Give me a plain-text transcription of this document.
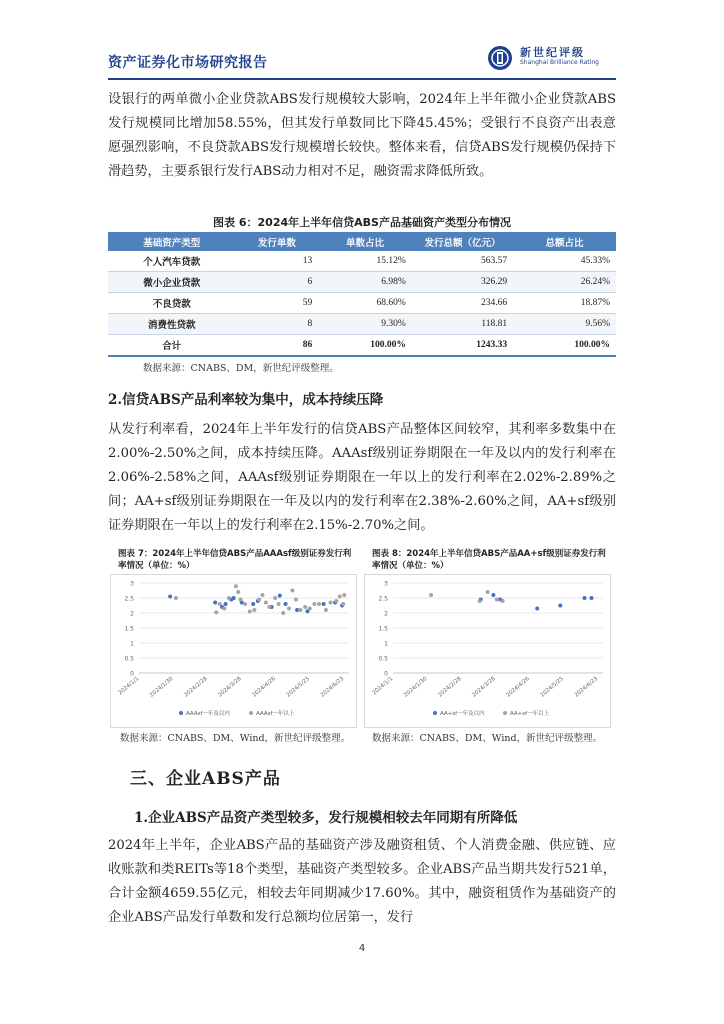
资产证券化市场研究报告
新世纪评级
Shanghai Brilliance Rating

设银行的两单微小企业贷款ABS发行规模较大影响，2024年上半年微小企业贷款ABS发行规模同比增加58.55%，但其发行单数同比下降45.45%；受银行不良资产出表意愿强烈影响，不良贷款ABS发行规模增长较快。整体来看，信贷ABS发行规模仍保持下滑趋势，主要系银行发行ABS动力相对不足，融资需求降低所致。

图表 6：2024年上半年信贷ABS产品基础资产类型分布情况
基础资产类型	发行单数	单数占比	发行总额（亿元）	总额占比
个人汽车贷款	13	15.12%	563.57	45.33%
微小企业贷款	6	6.98%	326.29	26.24%
不良贷款	59	68.60%	234.66	18.87%
消费性贷款	8	9.30%	118.81	9.56%
合计	86	100.00%	1243.33	100.00%
数据来源：CNABS、DM，新世纪评级整理。
2.信贷ABS产品利率较为集中，成本持续压降

从发行利率看，2024年上半年发行的信贷ABS产品整体区间较窄，其利率多数集中在2.00%-2.50%之间，成本持续压降。AAAsf级别证券期限在一年及以内的发行利率在2.06%-2.58%之间，AAAsf级别证券期限在一年以上的发行利率在2.02%-2.89%之间；AA+sf级别证券期限在一年及以内的发行利率在2.38%-2.60%之间，AA+sf级别证券期限在一年以上的发行利率在2.15%-2.70%之间。

图表 7：2024年上半年信贷ABS产品AAAsf级别证券发行利率情况（单位：%）
0
0.5
1
1.5
2
2.5
3
2024/1/1 2024/1/30 2024/2/28 2024/3/28 2024/4/26 2024/5/25 2024/6/23
AAAsf一年及以内	AAAsf一年以上
数据来源：CNABS、DM、Wind，新世纪评级整理。
图表 8：2024年上半年信贷ABS产品AA+sf级别证券发行利率情况（单位：%）
0
0.5
1
1.5
2
2.5
3
2024/1/1 2024/1/30 2024/2/28 2024/3/28 2024/4/26 2024/5/25 2024/6/23
AA+sf一年及以内	AA+sf一年以上
数据来源：CNABS、DM、Wind，新世纪评级整理。
三、企业ABS产品
1.企业ABS产品资产类型较多，发行规模相较去年同期有所降低

2024年上半年，企业ABS产品的基础资产涉及融资租赁、个人消费金融、供应链、应收账款和类REITs等18个类型，基础资产类型较多。企业ABS产品当期共发行521单，合计金额4659.55亿元，相较去年同期减少17.60%。其中，融资租赁作为基础资产的企业ABS产品发行单数和发行总额均位居第一，发行

4
